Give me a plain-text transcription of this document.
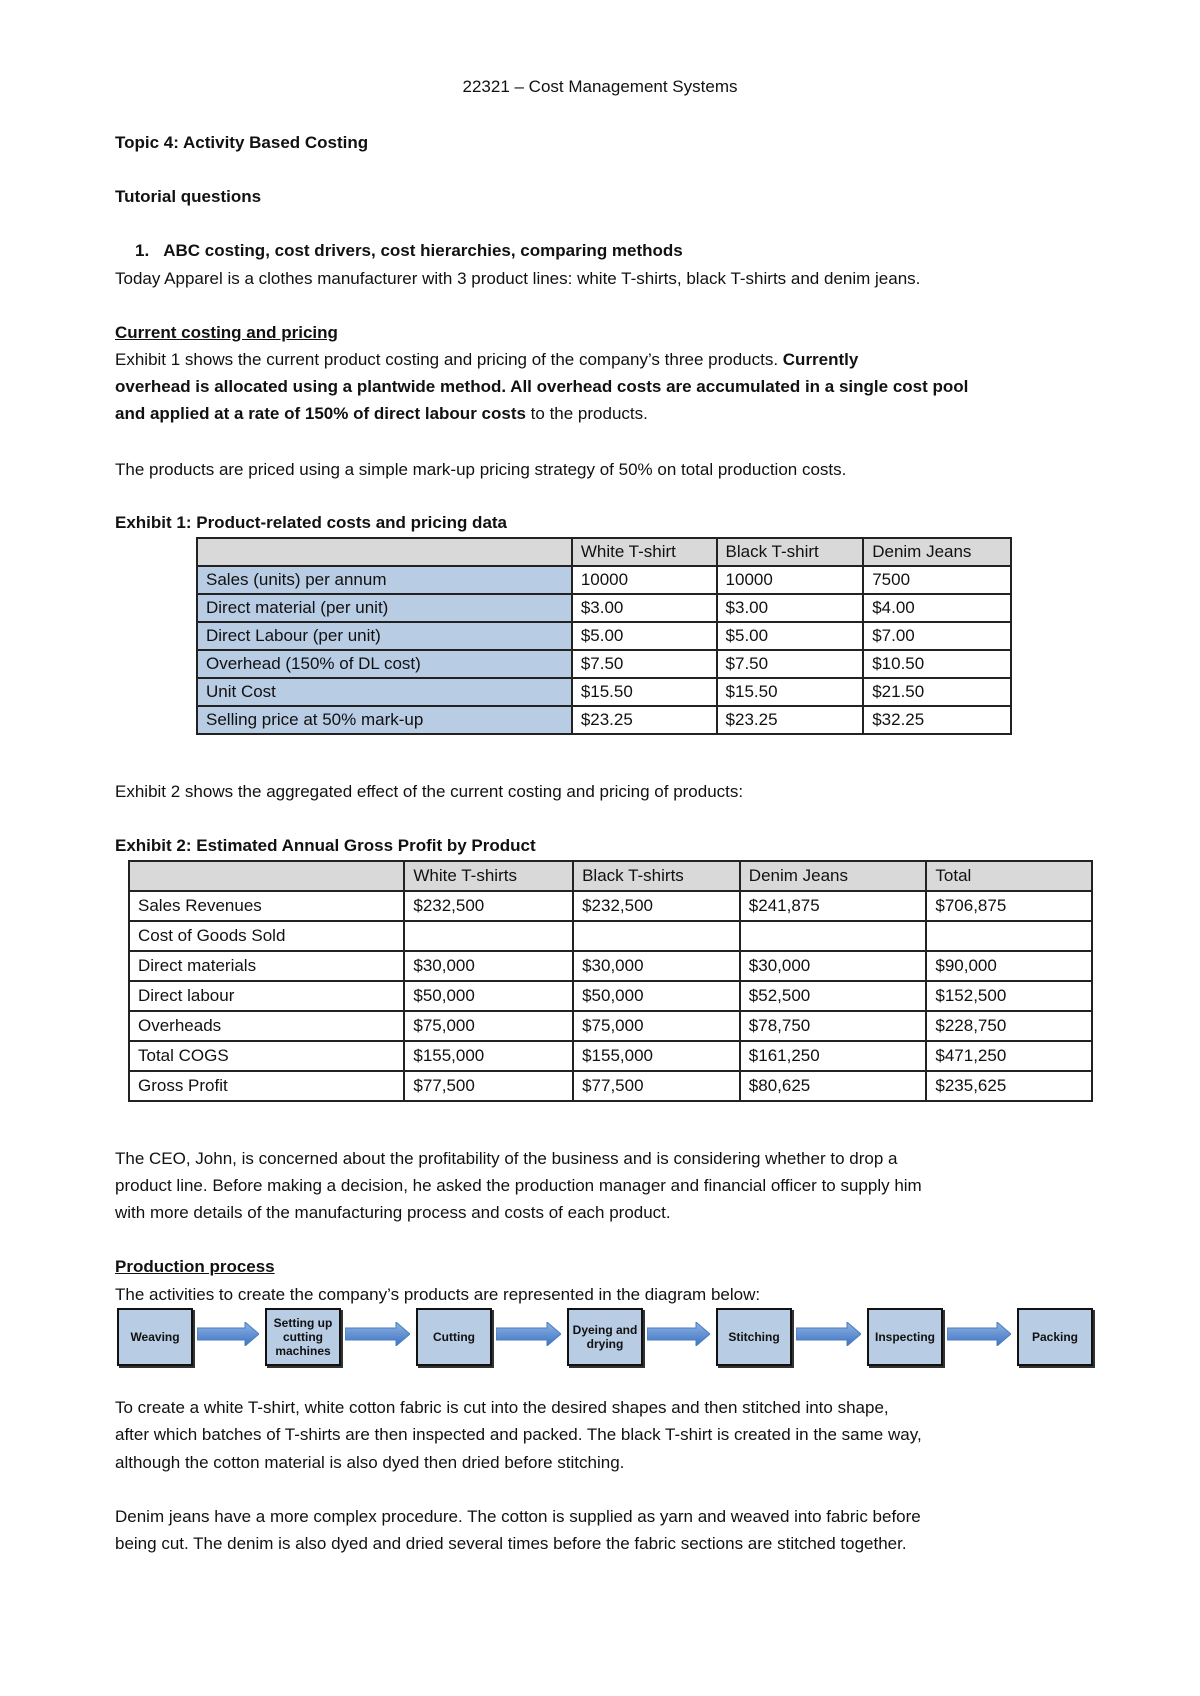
22321 – Cost Management Systems
Topic 4: Activity Based Costing
Tutorial questions
1. ABC costing, cost drivers, cost hierarchies, comparing methods
Today Apparel is a clothes manufacturer with 3 product lines: white T-shirts, black T-shirts and denim jeans.
Current costing and pricing
Exhibit 1 shows the current product costing and pricing of the company’s three products. Currently
overhead is allocated using a plantwide method. All overhead costs are accumulated in a single cost pool
and applied at a rate of 150% of direct labour costs to the products.
The products are priced using a simple mark-up pricing strategy of 50% on total production costs.
Exhibit 1: Product-related costs and pricing data
	White T-shirt	Black T-shirt	Denim Jeans
Sales (units) per annum	10000	10000	7500
Direct material (per unit)	$3.00	$3.00	$4.00
Direct Labour (per unit)	$5.00	$5.00	$7.00
Overhead (150% of DL cost)	$7.50	$7.50	$10.50
Unit Cost	$15.50	$15.50	$21.50
Selling price at 50% mark-up	$23.25	$23.25	$32.25
Exhibit 2 shows the aggregated effect of the current costing and pricing of products:
Exhibit 2: Estimated Annual Gross Profit by Product
	White T-shirts	Black T-shirts	Denim Jeans	Total
Sales Revenues	$232,500	$232,500	$241,875	$706,875
Cost of Goods Sold				
Direct materials	$30,000	$30,000	$30,000	$90,000
Direct labour	$50,000	$50,000	$52,500	$152,500
Overheads	$75,000	$75,000	$78,750	$228,750
Total COGS	$155,000	$155,000	$161,250	$471,250
Gross Profit	$77,500	$77,500	$80,625	$235,625
The CEO, John, is concerned about the profitability of the business and is considering whether to drop a
product line. Before making a decision, he asked the production manager and financial officer to supply him
with more details of the manufacturing process and costs of each product.
Production process
The activities to create the company’s products are represented in the diagram below:
Weaving
Setting up cutting machines
Cutting	Dyeing and drying	Stitching	Inspecting	Packing
To create a white T-shirt, white cotton fabric is cut into the desired shapes and then stitched into shape,
after which batches of T-shirts are then inspected and packed. The black T-shirt is created in the same way,
although the cotton material is also dyed then dried before stitching.
Denim jeans have a more complex procedure. The cotton is supplied as yarn and weaved into fabric before
being cut. The denim is also dyed and dried several times before the fabric sections are stitched together.
